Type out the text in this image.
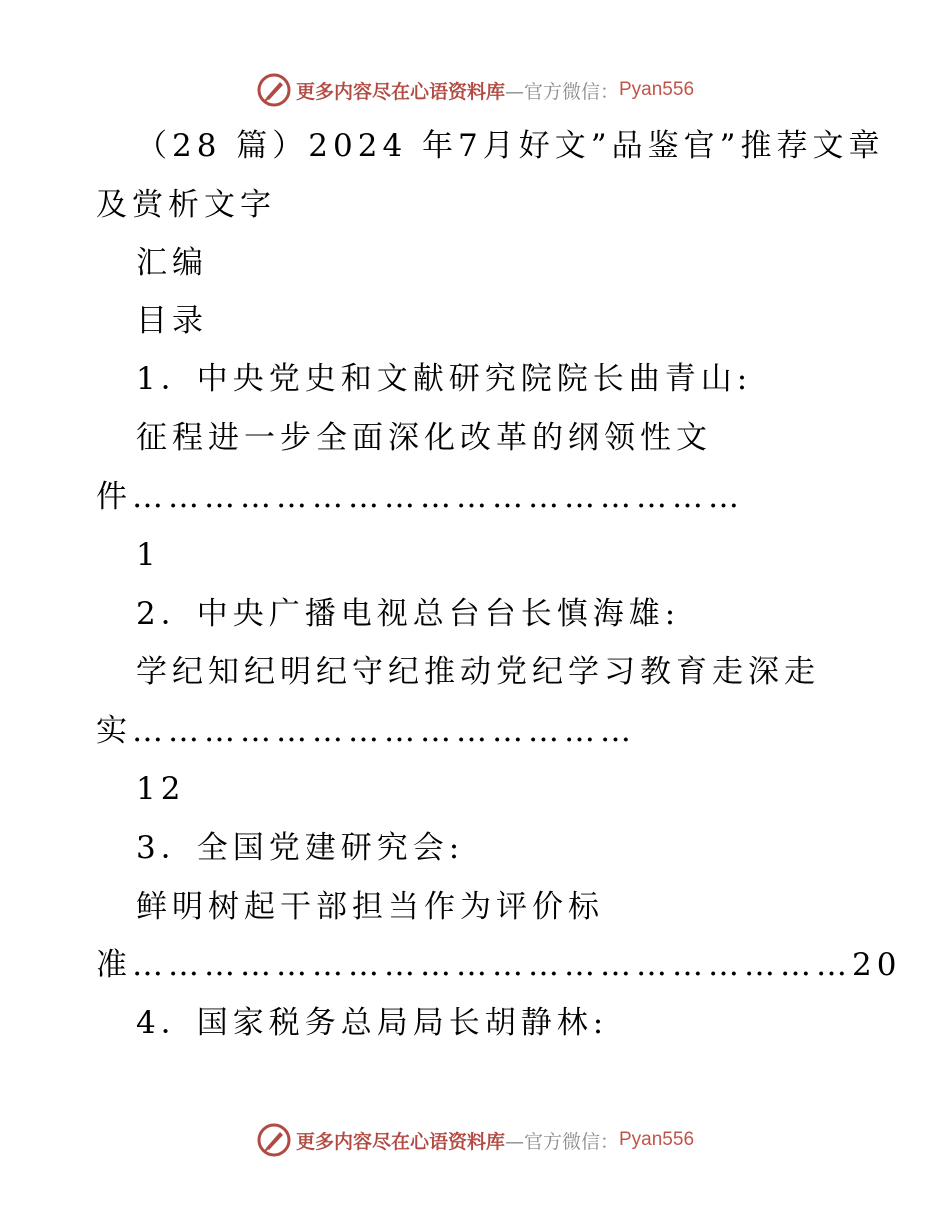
更多内容尽在心语资料库 —官方微信： Pyan556
（28 篇）2024 年7月好文”品鉴官”推荐文章
及赏析文字
汇编
目录
1．中央党史和文献研究院院长曲青山:
征程进一步全面深化改革的纲领性文
件……………………………………………
1
2．中央广播电视总台台长慎海雄:
学纪知纪明纪守纪推动党纪学习教育走深走
实……………………………………
12
3．全国党建研究会:
鲜明树起干部担当作为评价标
准……………………………………………………20
4．国家税务总局局长胡静林:
更多内容尽在心语资料库 —官方微信： Pyan556
